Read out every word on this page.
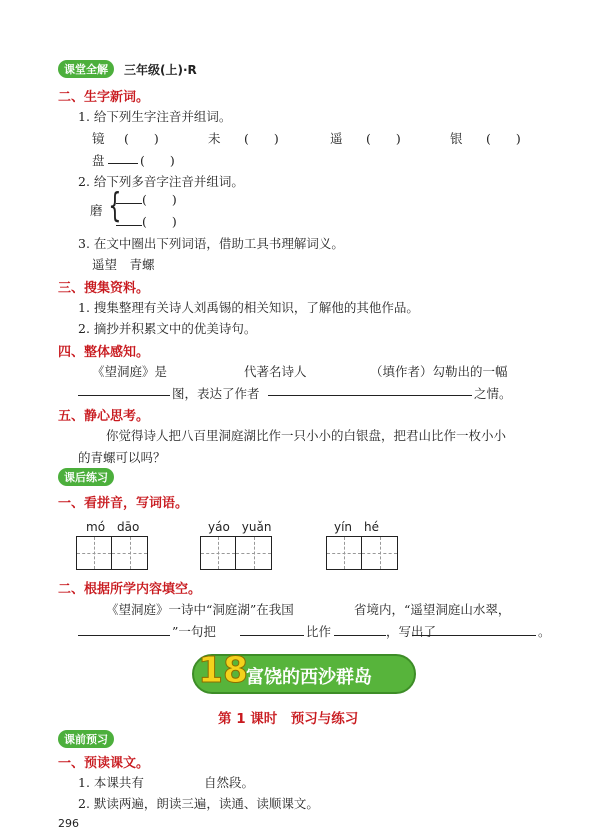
课堂全解	三年级(上)·R
二、生字新词。
1. 给下列生字注音并组词。
镜 (　　)	未 (　　)	遥 (　　)	银 (　　)
盘	(　　)
2. 给下列多音字注音并组词。
磨 { (　　)
(　　)
3. 在文中圈出下列词语，借助工具书理解词义。
遥望　青螺
三、搜集资料。
1. 搜集整理有关诗人刘禹锡的相关知识，了解他的其他作品。
2. 摘抄并积累文中的优美诗句。
四、整体感知。
《望洞庭》是	代著名诗人	（填作者）勾勒出的一幅
图，表达了作者	之情。
五、静心思考。
你觉得诗人把八百里洞庭湖比作一只小小的白银盘，把君山比作一枚小小
的青螺可以吗？
课后练习
一、看拼音，写词语。
mó　dāo	yáo　yuǎn	yín　hé
二、根据所学内容填空。
《望洞庭》一诗中“洞庭湖”在我国	省境内，“遥望洞庭山水翠，
”一句把	比作	，写出了	。
18
富饶的西沙群岛
第 1 课时　预习与练习
课前预习
一、预读课文。
1. 本课共有	自然段。
2. 默读两遍，朗读三遍，读通、读顺课文。
296
